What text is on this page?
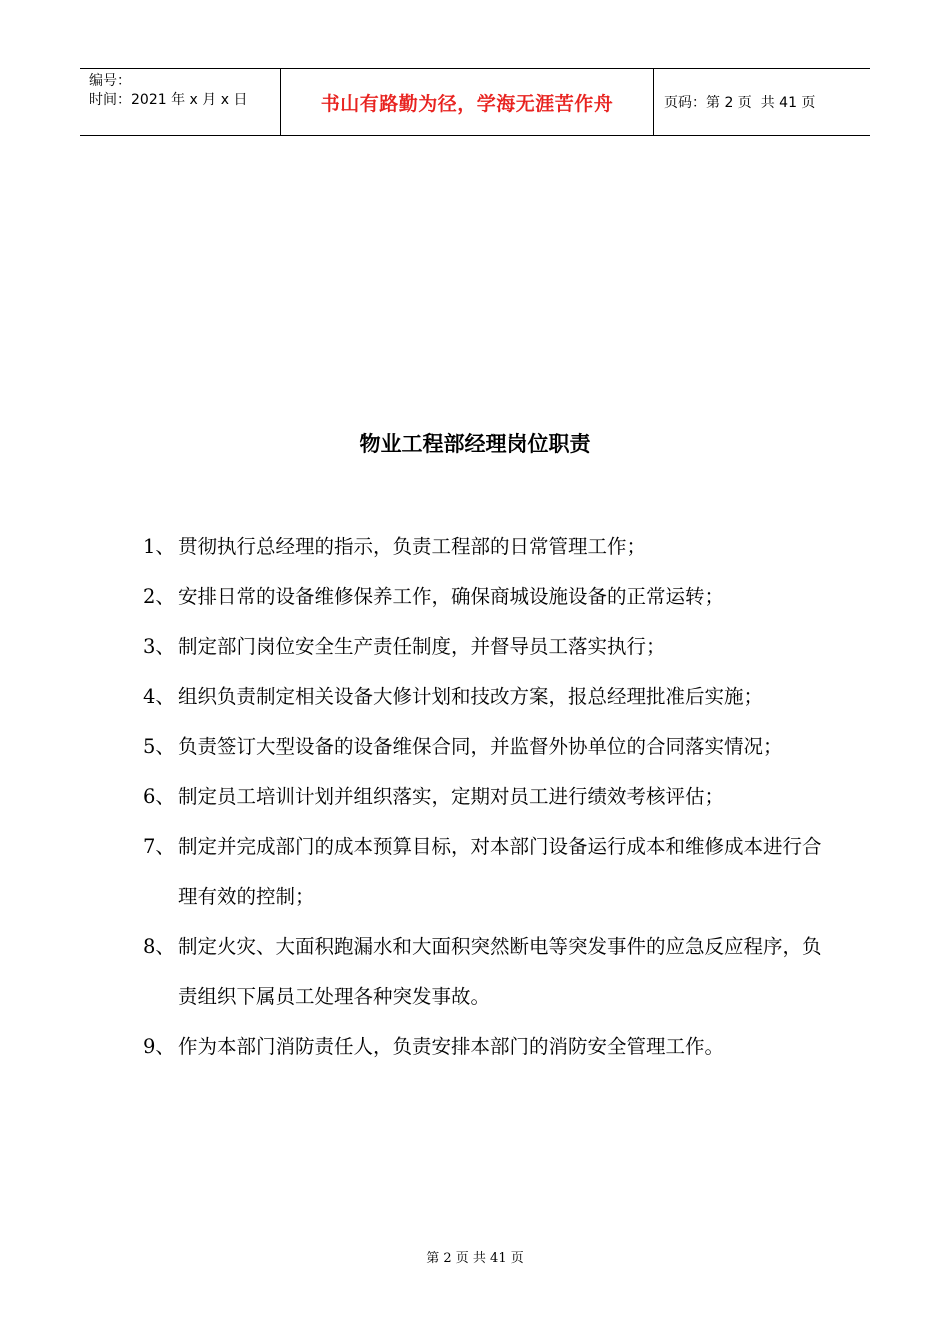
编号：
时间：2021 年 x 月 x 日	书山有路勤为径，学海无涯苦作舟	页码：第 2 页  共 41 页
物业工程部经理岗位职责
1、 贯彻执行总经理的指示，负责工程部的日常管理工作；
2、 安排日常的设备维修保养工作，确保商城设施设备的正常运转；
3、 制定部门岗位安全生产责任制度，并督导员工落实执行；
4、 组织负责制定相关设备大修计划和技改方案，报总经理批准后实施；
5、 负责签订大型设备的设备维保合同，并监督外协单位的合同落实情况；
6、 制定员工培训计划并组织落实，定期对员工进行绩效考核评估；
7、 制定并完成部门的成本预算目标，对本部门设备运行成本和维修成本进行合理有效的控制；
8、 制定火灾、大面积跑漏水和大面积突然断电等突发事件的应急反应程序，负责组织下属员工处理各种突发事故。
9、 作为本部门消防责任人，负责安排本部门的消防安全管理工作。
第 2 页 共 41 页
